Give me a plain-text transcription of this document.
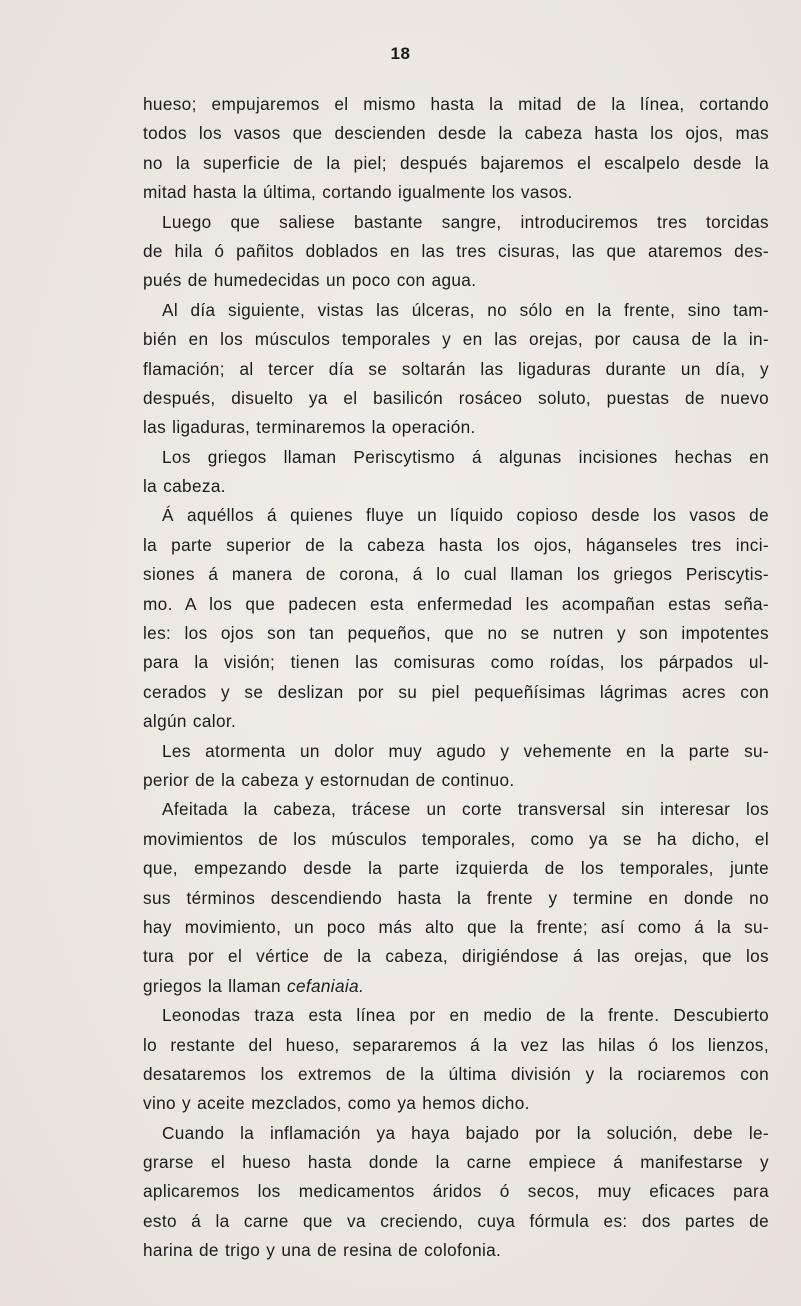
18
hueso; empujaremos el mismo hasta la mitad de la línea, cortando
todos los vasos que descienden desde la cabeza hasta los ojos, mas
no la superficie de la piel; después bajaremos el escalpelo desde la
mitad hasta la última, cortando igualmente los vasos.
Luego que saliese bastante sangre, introduciremos tres torcidas
de hila ó pañitos doblados en las tres cisuras, las que ataremos des-
pués de humedecidas un poco con agua.
Al día siguiente, vistas las úlceras, no sólo en la frente, sino tam-
bién en los músculos temporales y en las orejas, por causa de la in-
flamación; al tercer día se soltarán las ligaduras durante un día, y
después, disuelto ya el basilicón rosáceo soluto, puestas de nuevo
las ligaduras, terminaremos la operación.
Los griegos llaman Periscytismo á algunas incisiones hechas en
la cabeza.
Á aquéllos á quienes fluye un líquido copioso desde los vasos de
la parte superior de la cabeza hasta los ojos, háganseles tres inci-
siones á manera de corona, á lo cual llaman los griegos Periscytis-
mo. A los que padecen esta enfermedad les acompañan estas seña-
les: los ojos son tan pequeños, que no se nutren y son impotentes
para la visión; tienen las comisuras como roídas, los párpados ul-
cerados y se deslizan por su piel pequeñísimas lágrimas acres con
algún calor.
Les atormenta un dolor muy agudo y vehemente en la parte su-
perior de la cabeza y estornudan de continuo.
Afeitada la cabeza, trácese un corte transversal sin interesar los
movimientos de los músculos temporales, como ya se ha dicho, el
que, empezando desde la parte izquierda de los temporales, junte
sus términos descendiendo hasta la frente y termine en donde no
hay movimiento, un poco más alto que la frente; así como á la su-
tura por el vértice de la cabeza, dirigiéndose á las orejas, que los
griegos la llaman cefaniaia.
Leonodas traza esta línea por en medio de la frente. Descubierto
lo restante del hueso, separaremos á la vez las hilas ó los lienzos,
desataremos los extremos de la última división y la rociaremos con
vino y aceite mezclados, como ya hemos dicho.
Cuando la inflamación ya haya bajado por la solución, debe le-
grarse el hueso hasta donde la carne empiece á manifestarse y
aplicaremos los medicamentos áridos ó secos, muy eficaces para
esto á la carne que va creciendo, cuya fórmula es: dos partes de
harina de trigo y una de resina de colofonia.
